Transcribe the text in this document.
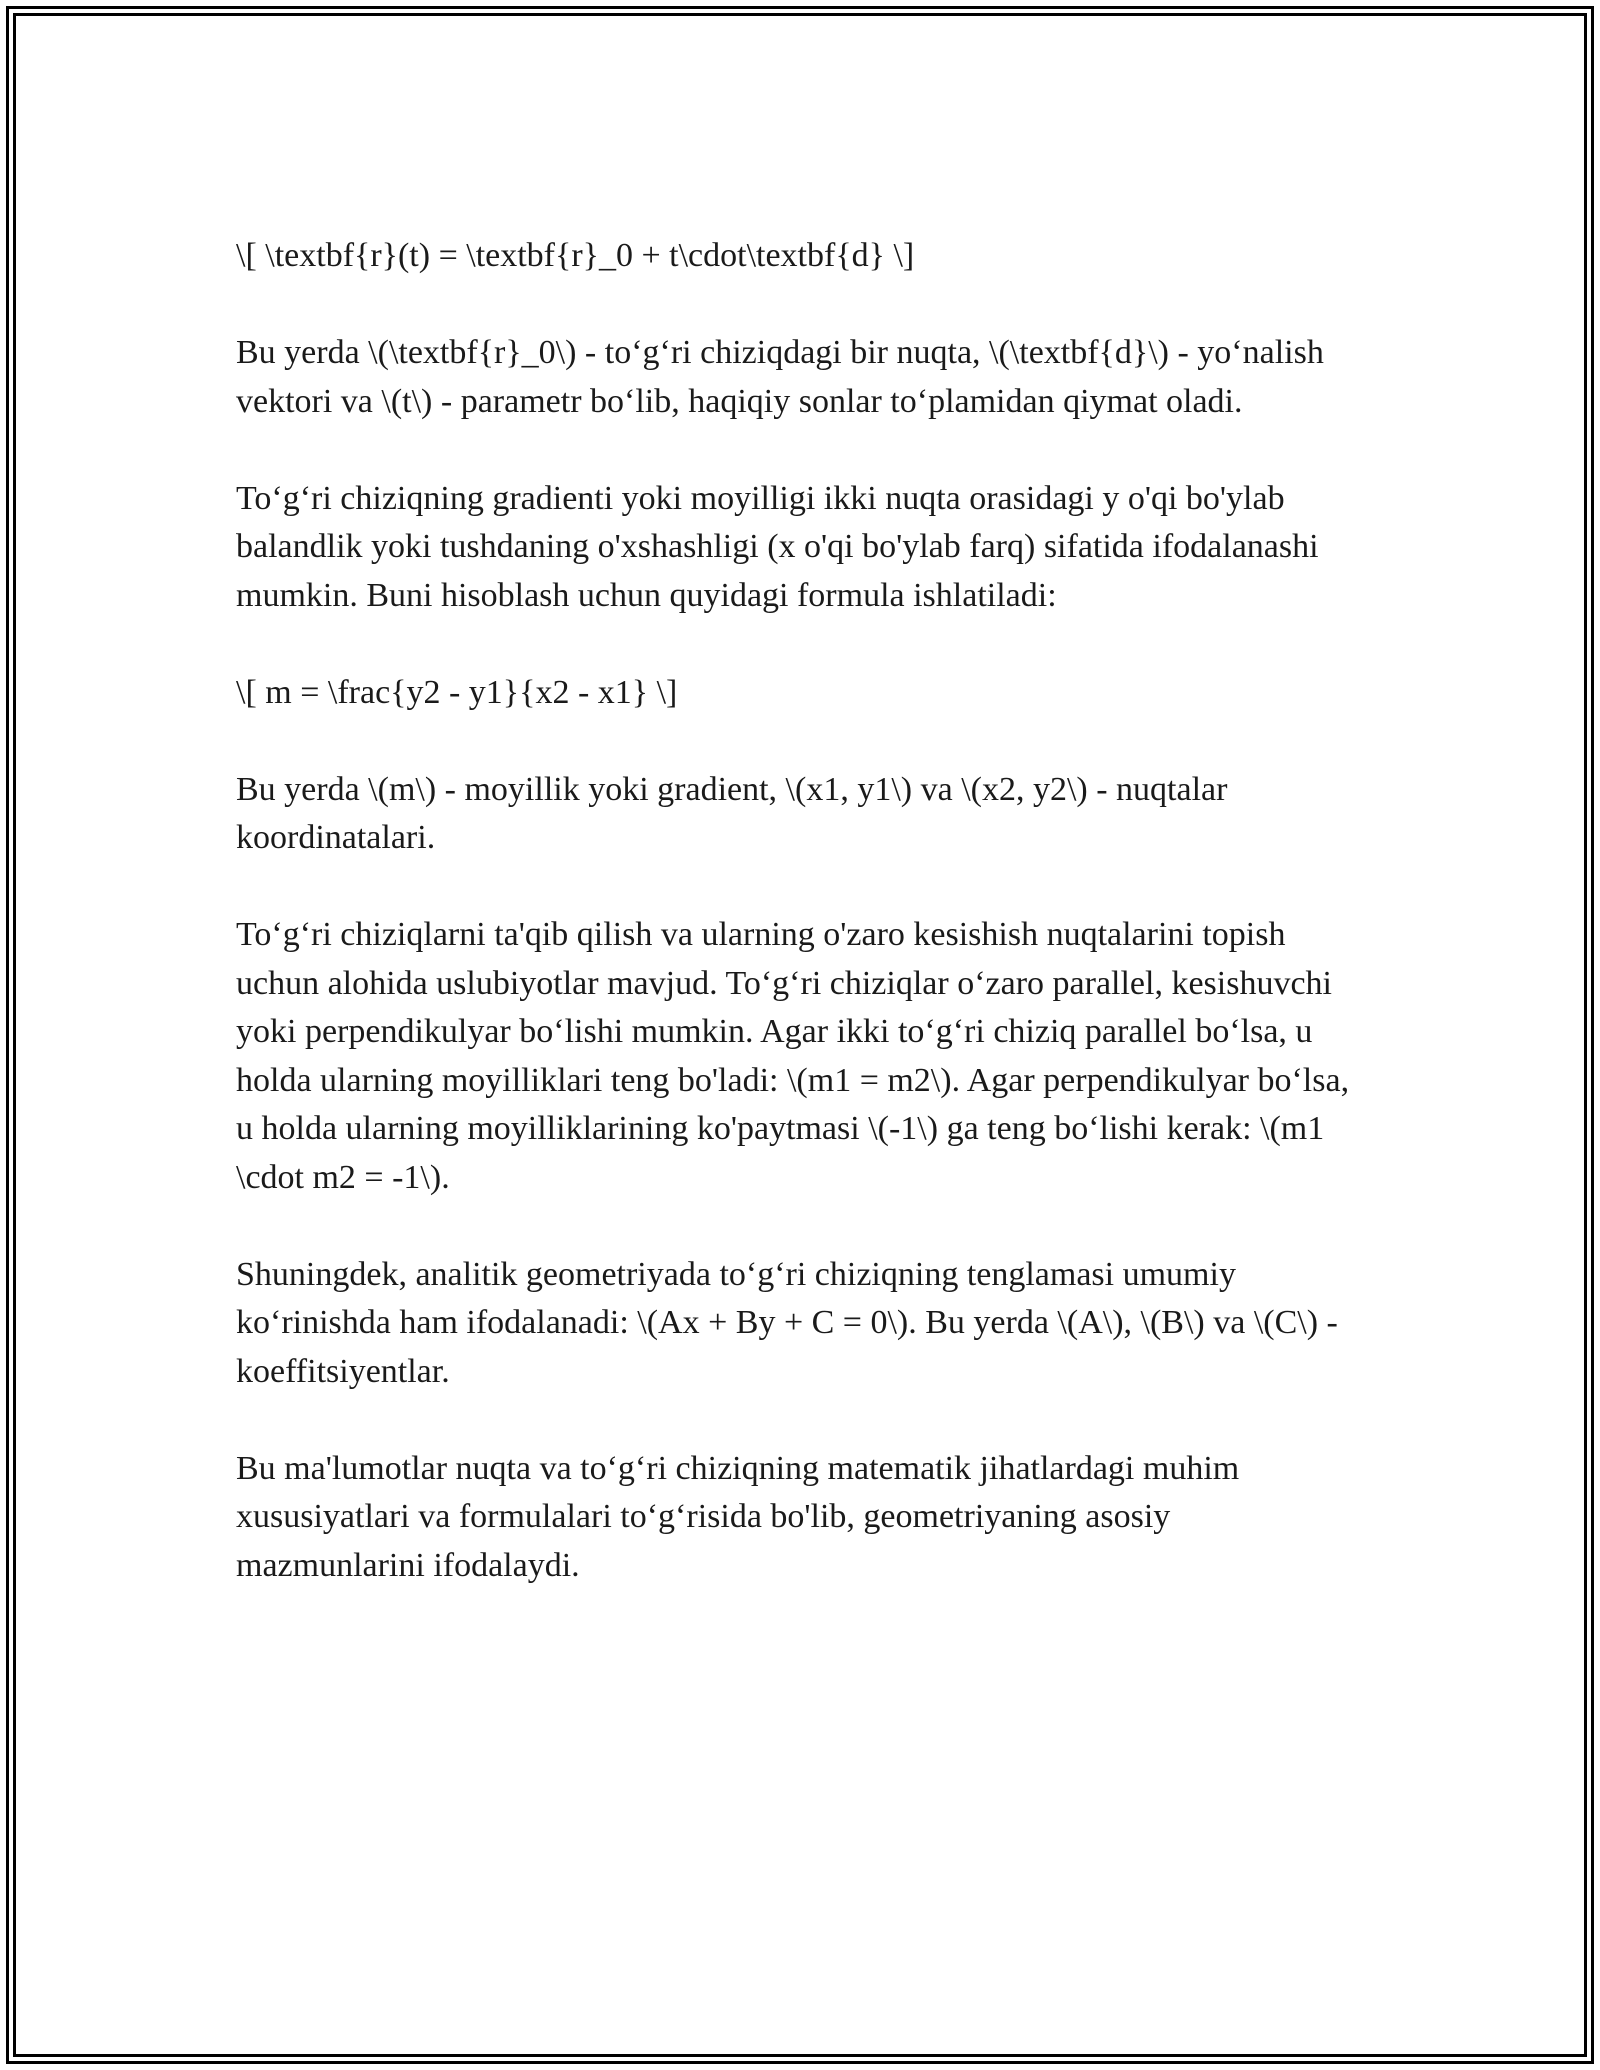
\[ \textbf{r}(t) = \textbf{r}_0 + t\cdot\textbf{d} \]

Bu yerda \(\textbf{r}_0\) - to‘g‘ri chiziqdagi bir nuqta, \(\textbf{d}\) - yo‘nalish vektori va \(t\) - parametr bo‘lib, haqiqiy sonlar to‘plamidan qiymat oladi.

To‘g‘ri chiziqning gradienti yoki moyilligi ikki nuqta orasidagi y o'qi bo'ylab balandlik yoki tushdaning o'xshashligi (x o'qi bo'ylab farq) sifatida ifodalanashi mumkin. Buni hisoblash uchun quyidagi formula ishlatiladi:

\[ m = \frac{y2 - y1}{x2 - x1} \]

Bu yerda \(m\) - moyillik yoki gradient, \(x1, y1\) va \(x2, y2\) - nuqtalar koordinatalari.

To‘g‘ri chiziqlarni ta'qib qilish va ularning o'zaro kesishish nuqtalarini topish uchun alohida uslubiyotlar mavjud. To‘g‘ri chiziqlar o‘zaro parallel, kesishuvchi yoki perpendikulyar bo‘lishi mumkin. Agar ikki to‘g‘ri chiziq parallel bo‘lsa, u holda ularning moyilliklari teng bo'ladi: \(m1 = m2\). Agar perpendikulyar bo‘lsa, u holda ularning moyilliklarining ko'paytmasi \(-1\) ga teng bo‘lishi kerak: \(m1 \cdot m2 = -1\).

Shuningdek, analitik geometriyada to‘g‘ri chiziqning tenglamasi umumiy ko‘rinishda ham ifodalanadi: \(Ax + By + C = 0\). Bu yerda \(A\), \(B\) va \(C\) - koeffitsiyentlar.

Bu ma'lumotlar nuqta va to‘g‘ri chiziqning matematik jihatlardagi muhim xususiyatlari va formulalari to‘g‘risida bo'lib, geometriyaning asosiy mazmunlarini ifodalaydi.
